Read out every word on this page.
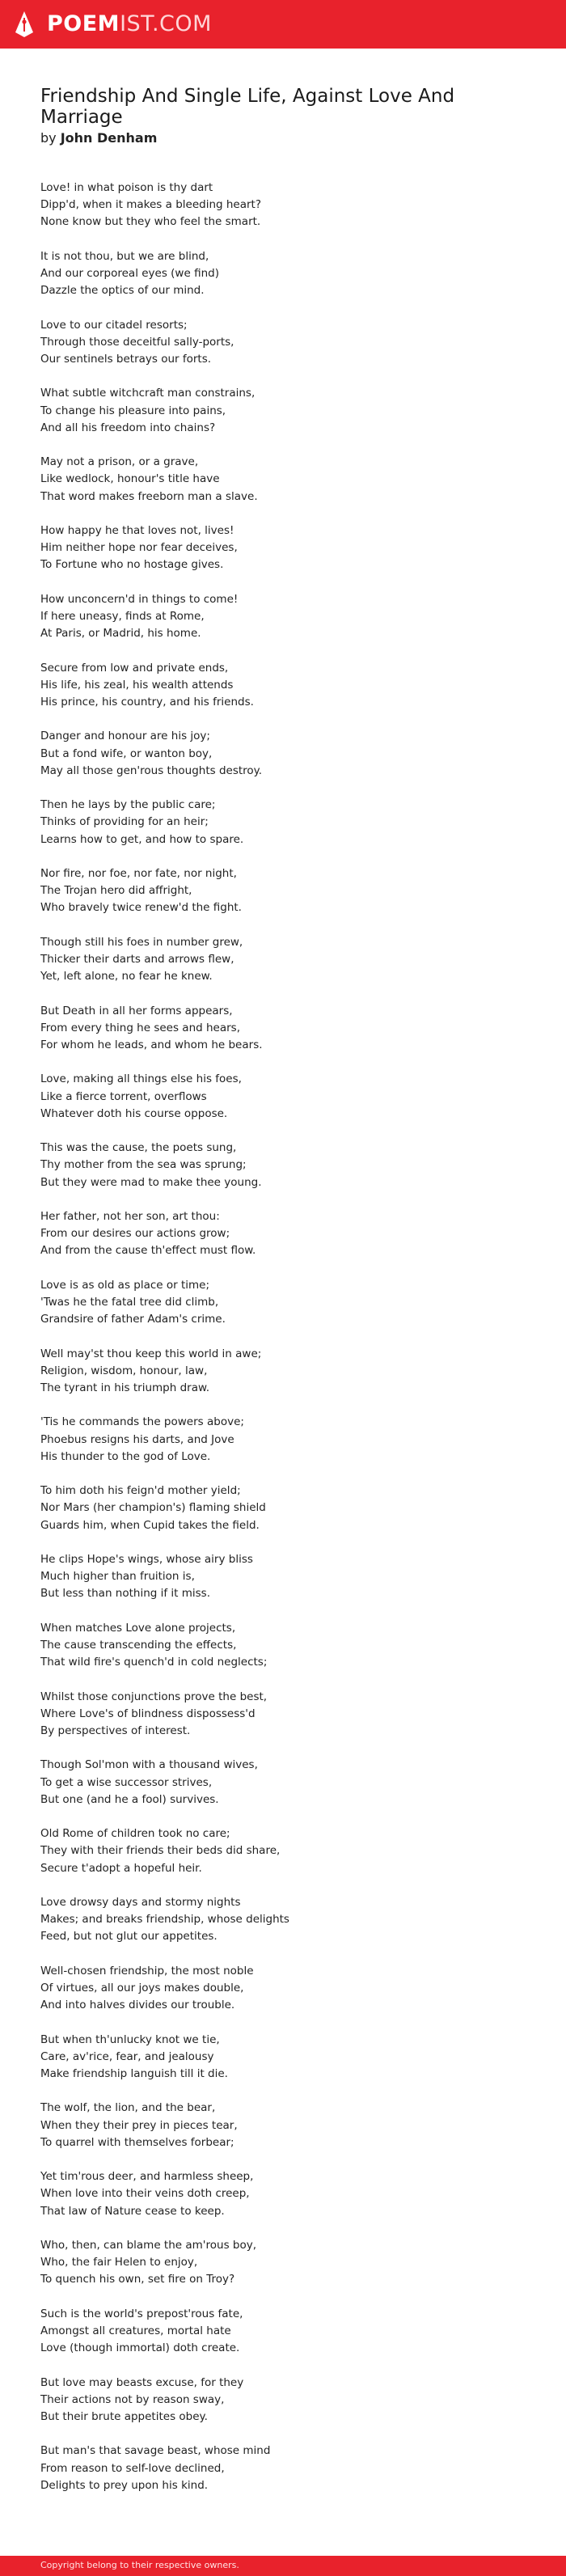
POEMIST.COM
Friendship And Single Life, Against Love And Marriage
by John Denham

Love! in what poison is thy dart
Dipp'd, when it makes a bleeding heart?
None know but they who feel the smart.

It is not thou, but we are blind,
And our corporeal eyes (we find)
Dazzle the optics of our mind.

Love to our citadel resorts;
Through those deceitful sally-ports,
Our sentinels betrays our forts.

What subtle witchcraft man constrains,
To change his pleasure into pains,
And all his freedom into chains?

May not a prison, or a grave,
Like wedlock, honour's title have
That word makes freeborn man a slave.

How happy he that loves not, lives!
Him neither hope nor fear deceives,
To Fortune who no hostage gives.

How unconcern'd in things to come!
If here uneasy, finds at Rome,
At Paris, or Madrid, his home.

Secure from low and private ends,
His life, his zeal, his wealth attends
His prince, his country, and his friends.

Danger and honour are his joy;
But a fond wife, or wanton boy,
May all those gen'rous thoughts destroy.

Then he lays by the public care;
Thinks of providing for an heir;
Learns how to get, and how to spare.

Nor fire, nor foe, nor fate, nor night,
The Trojan hero did affright,
Who bravely twice renew'd the fight.

Though still his foes in number grew,
Thicker their darts and arrows flew,
Yet, left alone, no fear he knew.

But Death in all her forms appears,
From every thing he sees and hears,
For whom he leads, and whom he bears.

Love, making all things else his foes,
Like a fierce torrent, overflows
Whatever doth his course oppose.

This was the cause, the poets sung,
Thy mother from the sea was sprung;
But they were mad to make thee young.

Her father, not her son, art thou:
From our desires our actions grow;
And from the cause th'effect must flow.

Love is as old as place or time;
'Twas he the fatal tree did climb,
Grandsire of father Adam's crime.

Well may'st thou keep this world in awe;
Religion, wisdom, honour, law,
The tyrant in his triumph draw.

'Tis he commands the powers above;
Phoebus resigns his darts, and Jove
His thunder to the god of Love.

To him doth his feign'd mother yield;
Nor Mars (her champion's) flaming shield
Guards him, when Cupid takes the field.

He clips Hope's wings, whose airy bliss
Much higher than fruition is,
But less than nothing if it miss.

When matches Love alone projects,
The cause transcending the effects,
That wild fire's quench'd in cold neglects;

Whilst those conjunctions prove the best,
Where Love's of blindness dispossess'd
By perspectives of interest.

Though Sol'mon with a thousand wives,
To get a wise successor strives,
But one (and he a fool) survives.

Old Rome of children took no care;
They with their friends their beds did share,
Secure t'adopt a hopeful heir.

Love drowsy days and stormy nights
Makes; and breaks friendship, whose delights
Feed, but not glut our appetites.

Well-chosen friendship, the most noble
Of virtues, all our joys makes double,
And into halves divides our trouble.

But when th'unlucky knot we tie,
Care, av'rice, fear, and jealousy
Make friendship languish till it die.

The wolf, the lion, and the bear,
When they their prey in pieces tear,
To quarrel with themselves forbear;

Yet tim'rous deer, and harmless sheep,
When love into their veins doth creep,
That law of Nature cease to keep.

Who, then, can blame the am'rous boy,
Who, the fair Helen to enjoy,
To quench his own, set fire on Troy?

Such is the world's prepost'rous fate,
Amongst all creatures, mortal hate
Love (though immortal) doth create.

But love may beasts excuse, for they
Their actions not by reason sway,
But their brute appetites obey.

But man's that savage beast, whose mind
From reason to self-love declined,
Delights to prey upon his kind.

Copyright belong to their respective owners.
